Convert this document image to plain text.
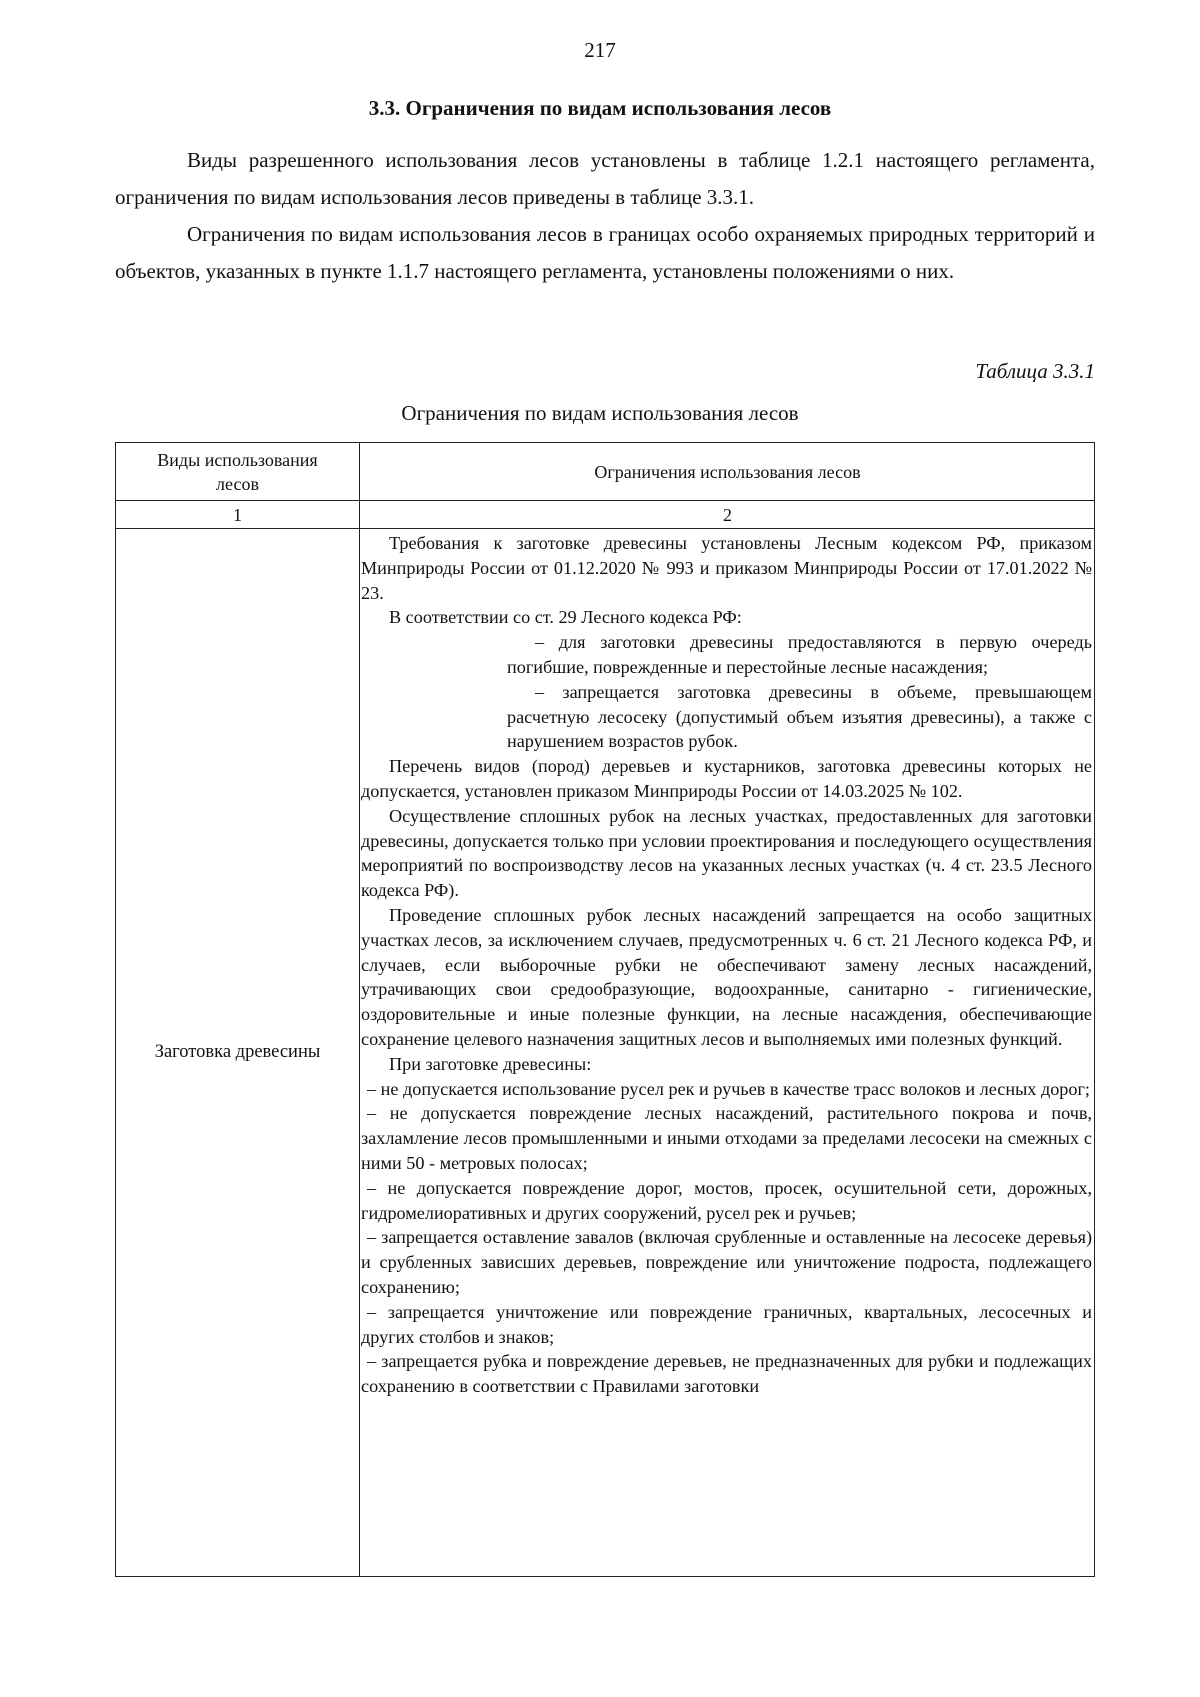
217
3.3. Ограничения по видам использования лесов

Виды разрешенного использования лесов установлены в таблице 1.2.1 настоящего регламента, ограничения по видам использования лесов приведены в таблице 3.3.1.

Ограничения по видам использования лесов в границах особо охраняемых природных территорий и объектов, указанных в пункте 1.1.7 настоящего регламента, установлены положениями о них.

Таблица 3.3.1
Ограничения по видам использования лесов
Виды использования лесов
Ограничения использования лесов
1	2
Заготовка древесины

Требования к заготовке древесины установлены Лесным кодексом РФ, приказом Минприроды России от 01.12.2020 № 993 и приказом Минприроды России от 17.01.2022 № 23.

В соответствии со ст. 29 Лесного кодекса РФ:

– для заготовки древесины предоставляются в первую очередь погибшие, поврежденные и перестойные лесные насаждения;

– запрещается заготовка древесины в объеме, превышающем расчетную лесосеку (допустимый объем изъятия древесины), а также с нарушением возрастов рубок.

Перечень видов (пород) деревьев и кустарников, заготовка древесины которых не допускается, установлен приказом Минприроды России от 14.03.2025 № 102.

Осуществление сплошных рубок на лесных участках, предоставленных для заготовки древесины, допускается только при условии проектирования и последующего осуществления мероприятий по воспроизводству лесов на указанных лесных участках (ч. 4 ст. 23.5 Лесного кодекса РФ).

Проведение сплошных рубок лесных насаждений запрещается на особо защитных участках лесов, за исключением случаев, предусмотренных ч. 6 ст. 21 Лесного кодекса РФ, и случаев, если выборочные рубки не обеспечивают замену лесных насаждений, утрачивающих свои средообразующие, водоохранные, санитарно - гигиенические, оздоровительные и иные полезные функции, на лесные насаждения, обеспечивающие сохранение целевого назначения защитных лесов и выполняемых ими полезных функций.

При заготовке древесины:

– не допускается использование русел рек и ручьев в качестве трасс волоков и лесных дорог;

– не допускается повреждение лесных насаждений, растительного покрова и почв, захламление лесов промышленными и иными отходами за пределами лесосеки на смежных с ними 50 - метровых полосах;

– не допускается повреждение дорог, мостов, просек, осушительной сети, дорожных, гидромелиоративных и других сооружений, русел рек и ручьев;

– запрещается оставление завалов (включая срубленные и оставленные на лесосеке деревья) и срубленных зависших деревьев, повреждение или уничтожение подроста, подлежащего сохранению;

– запрещается уничтожение или повреждение граничных, квартальных, лесосечных и других столбов и знаков;

– запрещается рубка и повреждение деревьев, не предназначенных для рубки и подлежащих сохранению в соответствии с Правилами заготовки
